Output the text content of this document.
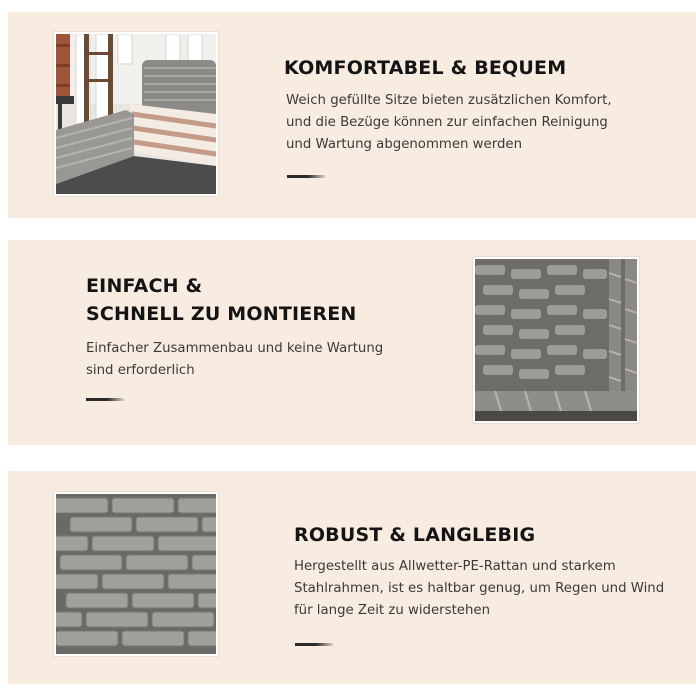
KOMFORTABEL & BEQUEM
Weich gefüllte Sitze bieten zusätzlichen Komfort,
und die Bezüge können zur einfachen Reinigung
und Wartung abgenommen werden
EINFACH &
SCHNELL ZU MONTIEREN
Einfacher Zusammenbau und keine Wartung
sind erforderlich
ROBUST & LANGLEBIG
Hergestellt aus Allwetter-PE-Rattan und starkem
Stahlrahmen, ist es haltbar genug, um Regen und Wind
für lange Zeit zu widerstehen
